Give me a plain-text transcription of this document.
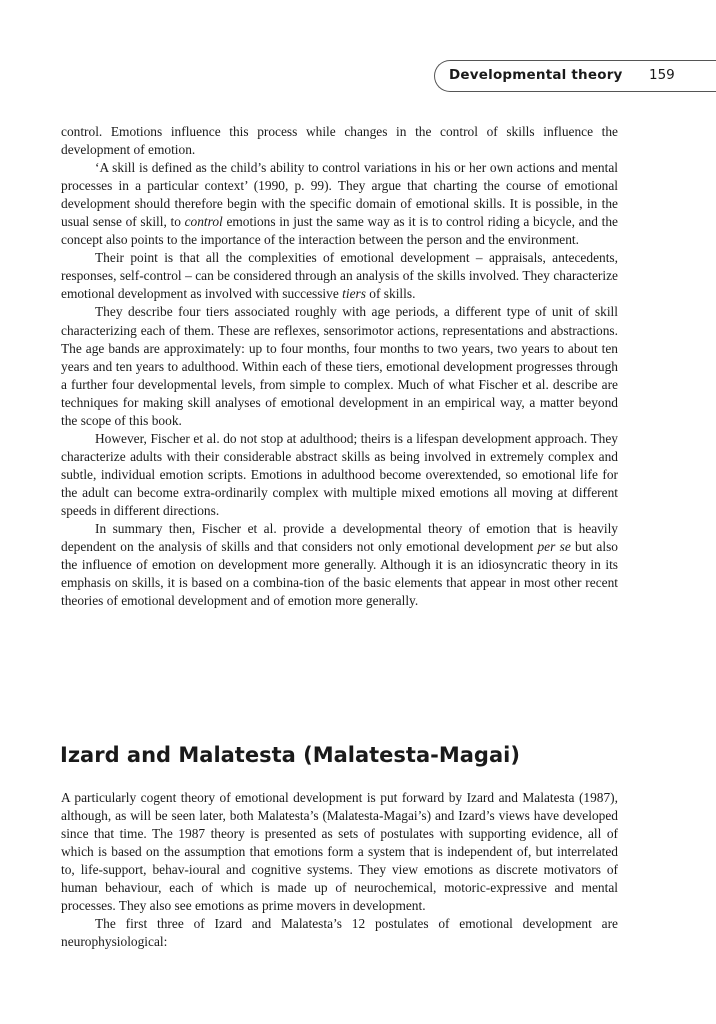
Developmental theory 159

control. Emotions influence this process while changes in the control of skills influence the development of emotion.

‘A skill is defined as the child’s ability to control variations in his or her own actions and mental processes in a particular context’ (1990, p. 99). They argue that charting the course of emotional development should therefore begin with the specific domain of emotional skills. It is possible, in the usual sense of skill, to control emotions in just the same way as it is to control riding a bicycle, and the concept also points to the importance of the interaction between the person and the environment.

Their point is that all the complexities of emotional development – appraisals, antecedents, responses, self-control – can be considered through an analysis of the skills involved. They characterize emotional development as involved with successive tiers of skills.

They describe four tiers associated roughly with age periods, a different type of unit of skill characterizing each of them. These are reflexes, sensorimotor actions, representations and abstractions. The age bands are approximately: up to four months, four months to two years, two years to about ten years and ten years to adulthood. Within each of these tiers, emotional development progresses through a further four developmental levels, from simple to complex. Much of what Fischer et al. describe are techniques for making skill analyses of emotional development in an empirical way, a matter beyond the scope of this book.

However, Fischer et al. do not stop at adulthood; theirs is a lifespan development approach. They characterize adults with their considerable abstract skills as being involved in extremely complex and subtle, individual emotion scripts. Emotions in adulthood become overextended, so emotional life for the adult can become extra-ordinarily complex with multiple mixed emotions all moving at different speeds in different directions.

In summary then, Fischer et al. provide a developmental theory of emotion that is heavily dependent on the analysis of skills and that considers not only emotional development per se but also the influence of emotion on development more generally. Although it is an idiosyncratic theory in its emphasis on skills, it is based on a combina-tion of the basic elements that appear in most other recent theories of emotional development and of emotion more generally.

Izard and Malatesta (Malatesta-Magai)

A particularly cogent theory of emotional development is put forward by Izard and Malatesta (1987), although, as will be seen later, both Malatesta’s (Malatesta-Magai’s) and Izard’s views have developed since that time. The 1987 theory is presented as sets of postulates with supporting evidence, all of which is based on the assumption that emotions form a system that is independent of, but interrelated to, life-support, behav-ioural and cognitive systems. They view emotions as discrete motivators of human behaviour, each of which is made up of neurochemical, motoric-expressive and mental processes. They also see emotions as prime movers in development.

The first three of Izard and Malatesta’s 12 postulates of emotional development are neurophysiological:
